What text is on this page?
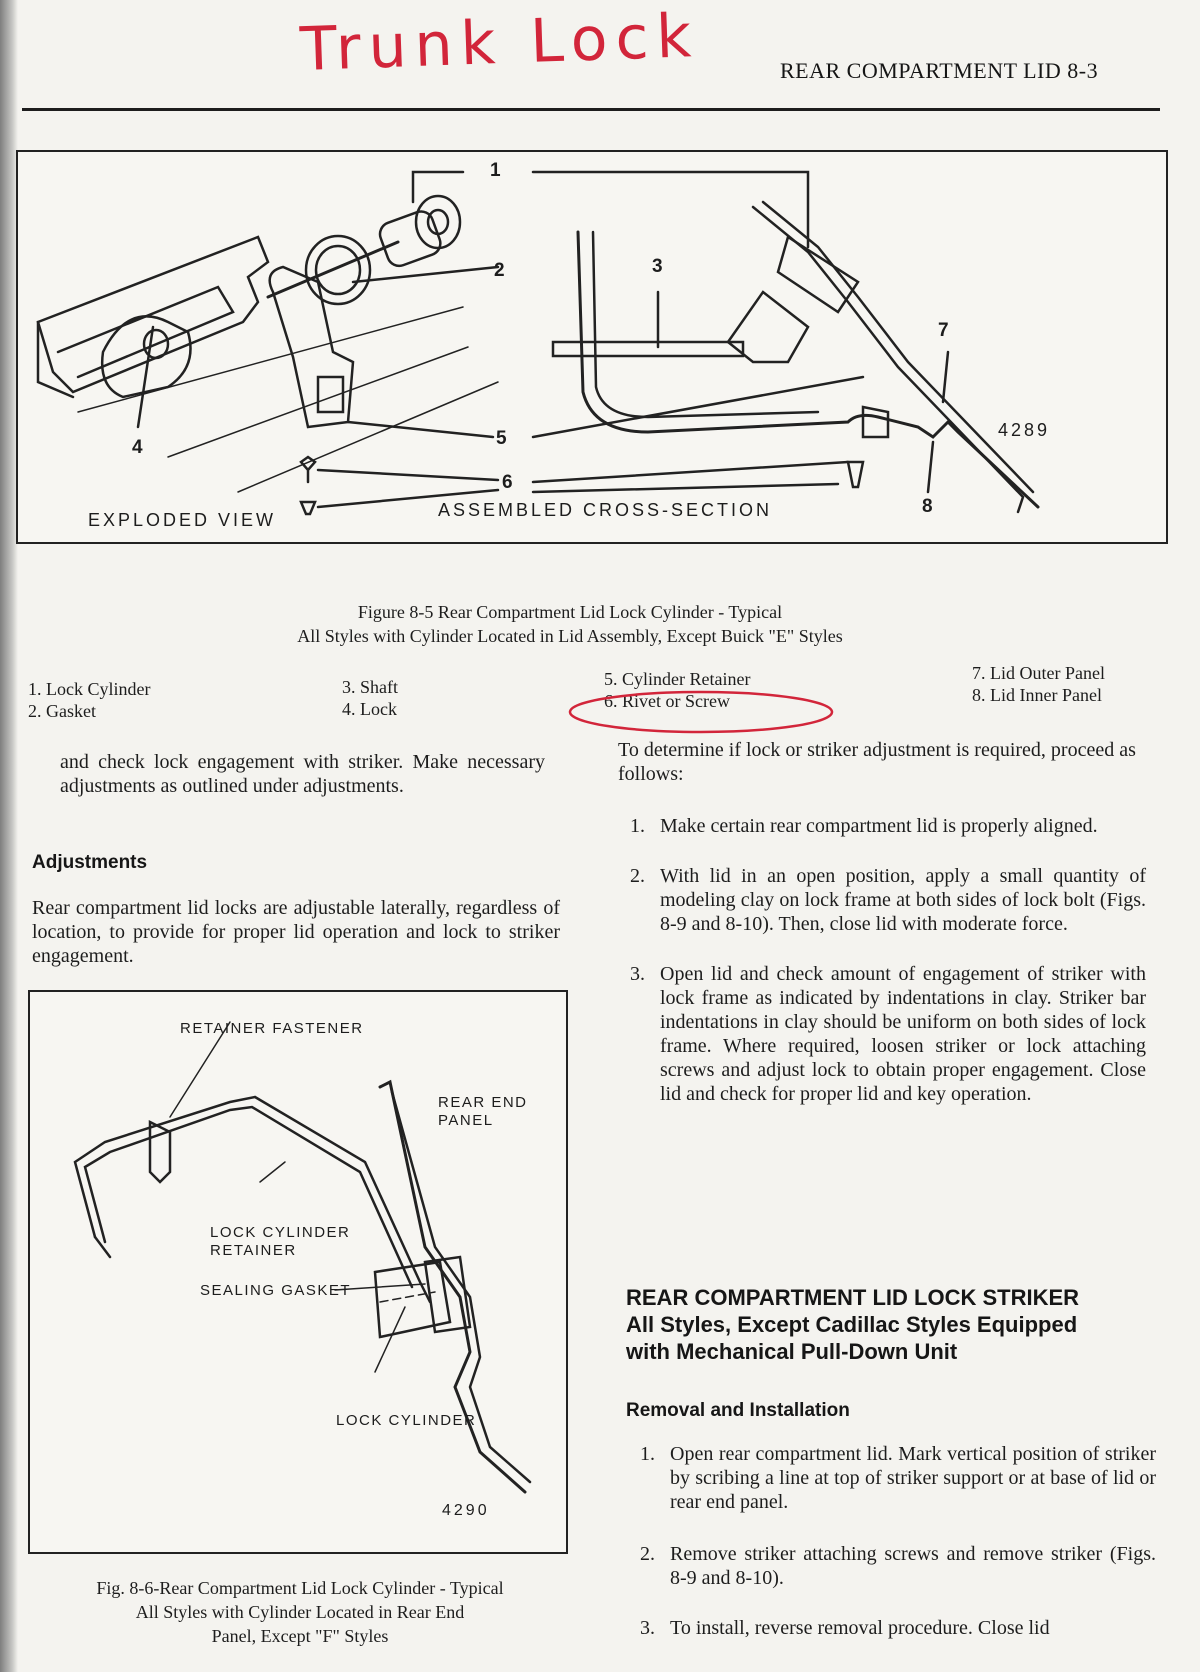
Trunk Lock	REAR COMPARTMENT LID 8-3
1
2	3
4	5
6
7
8
4289
EXPLODED VIEW	ASSEMBLED CROSS-SECTION
Figure 8-5 Rear Compartment Lid Lock Cylinder - Typical
All Styles with Cylinder Located in Lid Assembly, Except Buick "E" Styles
1. Lock Cylinder
2. Gasket
3. Shaft
4. Lock
5. Cylinder Retainer
6. Rivet or Screw
7. Lid Outer Panel
8. Lid Inner Panel
and check lock engagement with striker. Make necessary adjustments as outlined under adjustments.
Adjustments
Rear compartment lid locks are adjustable laterally, regardless of location, to provide for proper lid operation and lock to striker engagement.
RETAINER FASTENER
REAR END
PANEL
LOCK CYLINDER
RETAINER
SEALING GASKET
LOCK CYLINDER
4290
Fig. 8-6-Rear Compartment Lid Lock Cylinder - Typical
All Styles with Cylinder Located in Rear End
Panel, Except "F" Styles
To determine if lock or striker adjustment is required, proceed as follows:
1. Make certain rear compartment lid is properly aligned.
2. With lid in an open position, apply a small quantity of modeling clay on lock frame at both sides of lock bolt (Figs. 8-9 and 8-10). Then, close lid with moderate force.
3. Open lid and check amount of engagement of striker with lock frame as indicated by indentations in clay. Striker bar indentations in clay should be uniform on both sides of lock frame. Where required, loosen striker or lock attaching screws and adjust lock to obtain proper engagement. Close lid and check for proper lid and key operation.
REAR COMPARTMENT LID LOCK STRIKER
All Styles, Except Cadillac Styles Equipped
with Mechanical Pull-Down Unit
Removal and Installation
1. Open rear compartment lid. Mark vertical position of striker by scribing a line at top of striker support or at base of lid or rear end panel.
2. Remove striker attaching screws and remove striker (Figs. 8-9 and 8-10).
3. To install, reverse removal procedure. Close lid
